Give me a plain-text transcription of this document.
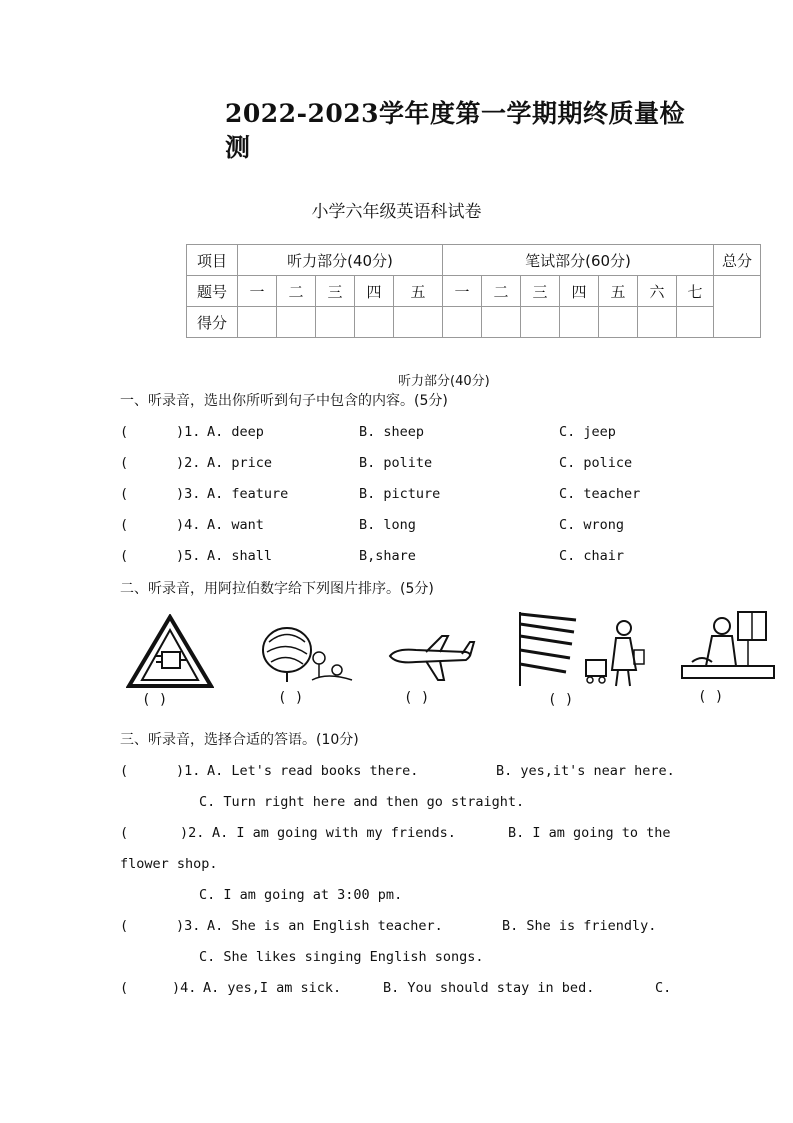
2022-2023学年度第一学期期终质量检
测
小学六年级英语科试卷
项目	听力部分(40分)					笔试部分(60分)							总分
题号	一	二	三	四	五	一	二	三	四	五	六	七	
得分													
听力部分(40分)
一、听录音，选出你所听到句子中包含的内容。(5分)
(	)1. A. deep	B. sheep	C. jeep
(	)2. A. price	B. polite	C. police
(	)3. A. feature	B. picture	C. teacher
(	)4. A. want	B. long	C. wrong
(	)5. A. shall	B,share	C. chair
二、听录音，用阿拉伯数字给下列图片排序。(5分)
( )	( )	( )	( )	( )
三、听录音，选择合适的答语。(10分)
(	)1. A. Let's read books there.	B. yes,it's near here.
C. Turn right here and then go straight.
(	)2. A. I am going with my friends.	B. I am going to the
flower shop.
C. I am going at 3:00 pm.
(	)3. A. She is an English teacher.	B. She is friendly.
C. She likes singing English songs.
(	)4. A. yes,I am sick.	B. You should stay in bed.	C.
